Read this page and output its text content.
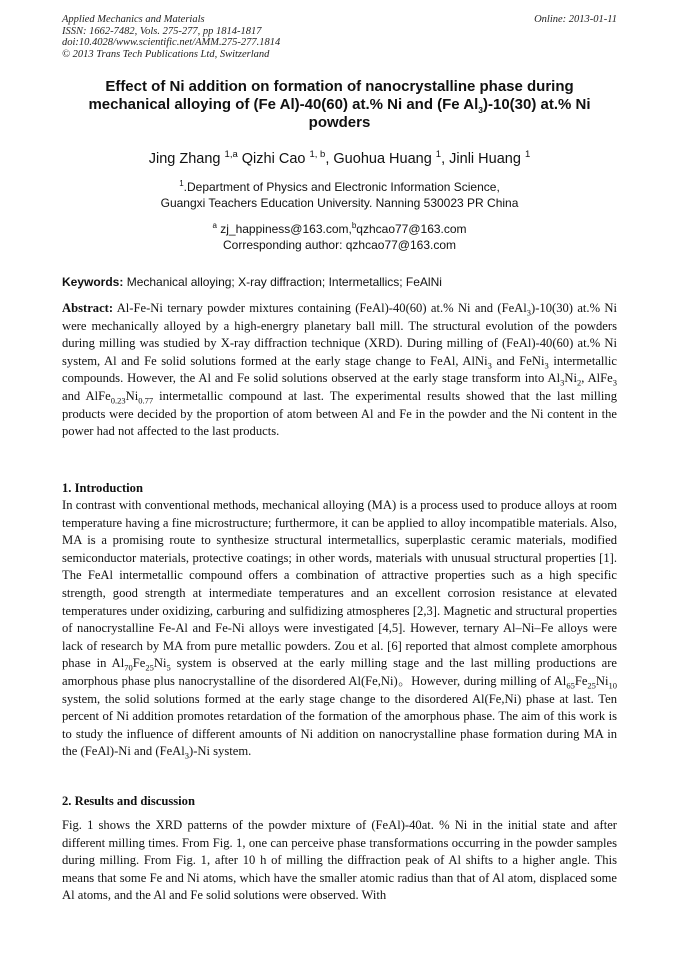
Applied Mechanics and Materials
ISSN: 1662-7482, Vols. 275-277, pp 1814-1817
doi:10.4028/www.scientific.net/AMM.275-277.1814
© 2013 Trans Tech Publications Ltd, Switzerland
Online: 2013-01-11
Effect of Ni addition on formation of nanocrystalline phase during
mechanical alloying of (Fe Al)-40(60) at.% Ni and (Fe $Al_3)-10(30)$ at.% Ni
powders
Jing Zhang $^{1,a}$ Qizhi Cao $^{1, b}$, Guohua Huang $^1$, Jinli Huang $^1$
$^1$.Department of Physics and Electronic Information Science,
Guangxi Teachers Education University. Nanning 530023 PR China
$^a$ zj_happiness@163.com,$^b$qzhcao77@163.com
Corresponding author: qzhcao77@163.com
Keywords: Mechanical alloying; X-ray diffraction; Intermetallics; FeAlNi
Abstract: Al-Fe-Ni ternary powder mixtures containing (FeAl)-40(60) at.% Ni and (FeAl$_3$)-10(30) at.% Ni were mechanically alloyed by a high-energry planetary ball mill. The structural evolution of the powders during milling was studied by X-ray diffraction technique (XRD). During milling of (FeAl)-40(60) at.% Ni system, Al and Fe solid solutions formed at the early stage change to FeAl, AlNi$_3$ and FeNi$_3$ intermetallic compounds. However, the Al and Fe solid solutions observed at the early stage transform into $Al_3Ni_2$, AlFe$_3$ and $AlFe_{0.23}Ni_{0.77}$ intermetallic compound at last. The experimental results showed that the last milling products were decided by the proportion of atom between Al and Fe in the powder and the Ni content in the power had not affected to the last products.
1. Introduction
In contrast with conventional methods, mechanical alloying (MA) is a process used to produce alloys at room temperature having a fine microstructure; furthermore, it can be applied to alloy incompatible materials. Also, MA is a promising route to synthesize structural intermetallics, superplastic ceramic materials, modified semiconductor materials, protective coatings; in other words, materials with unusual structural properties [1]. The FeAl intermetallic compound offers a combination of attractive properties such as a high specific strength, good strength at intermediate temperatures and an excellent corrosion resistance at elevated temperatures under oxidizing, carburing and sulfidizing atmospheres [2,3]. Magnetic and structural properties of nanocrystalline Fe-Al and Fe-Ni alloys were investigated [4,5]. However, ternary Al–Ni–Fe alloys were lack of research by MA from pure metallic powders. Zou et al. [6] reported that almost complete amorphous phase in $Al_{70}Fe_{25}Ni_5$ system is observed at the early milling stage and the last milling productions are amorphous phase plus nanocrystalline of the disordered Al(Fe,Ni)。However, during milling of $Al_{65}Fe_{25}Ni_{10}$ system, the solid solutions formed at the early stage change to the disordered Al(Fe,Ni) phase at last. Ten percent of Ni addition promotes retardation of the formation of the amorphous phase. The aim of this work is to study the influence of different amounts of Ni addition on nanocrystalline phase formation during MA in the (FeAl)-Ni and (FeAl$_3$)-Ni system.
2. Results and discussion
Fig. 1 shows the XRD patterns of the powder mixture of (FeAl)-40at. % Ni in the initial state and after different milling times. From Fig. 1, one can perceive phase transformations occurring in the powder samples during milling. From Fig. 1, after 10 h of milling the diffraction peak of Al shifts to a higher angle. This means that some Fe and Ni atoms, which have the smaller atomic radius than that of Al atom, displaced some Al atoms, and the Al and Fe solid solutions were observed. With
